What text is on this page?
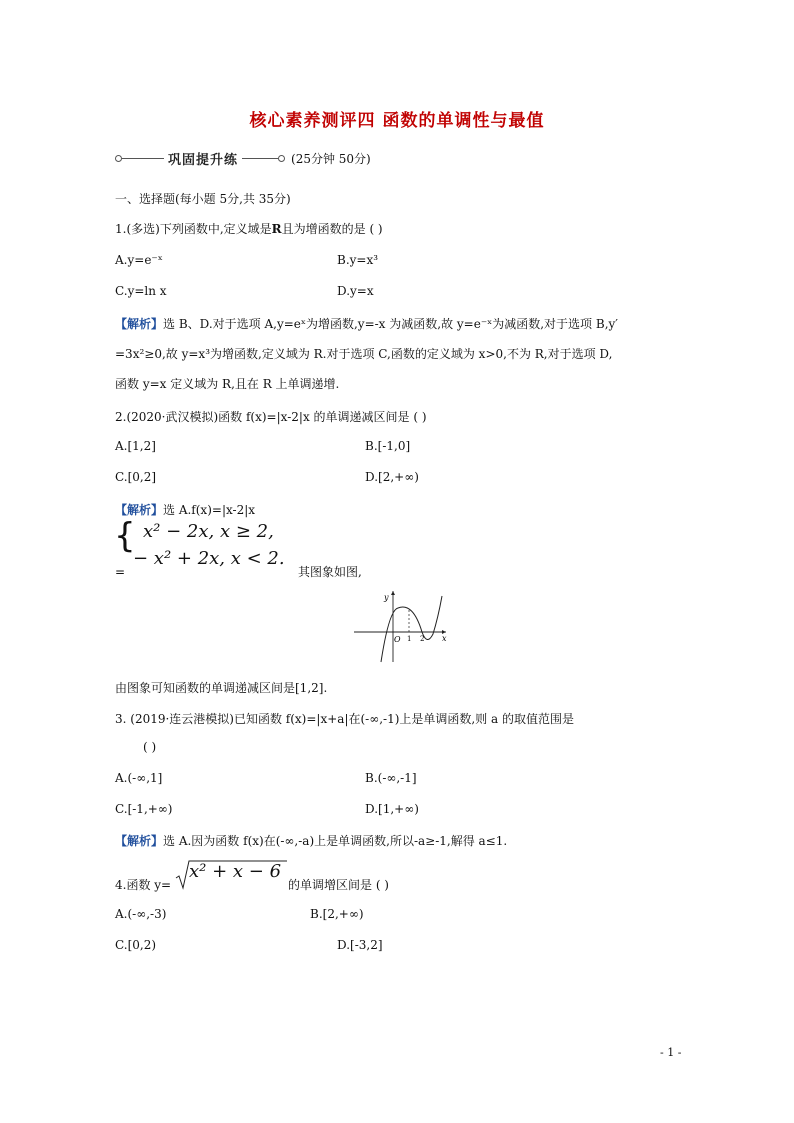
核心素养测评四 函数的单调性与最值
巩固提升练	(25分钟 50分)
一、选择题(每小题 5分,共 35分)
1.(多选)下列函数中,定义域是R且为增函数的是 ( )
A.y=e⁻ˣ	B.y=x³
C.y=ln x	D.y=x
【解析】选 B、D.对于选项 A,y=eˣ为增函数,y=-x 为减函数,故 y=e⁻ˣ为减函数,对于选项 B,y′
=3x²≥0,故 y=x³为增函数,定义域为 R.对于选项 C,函数的定义域为 x>0,不为 R,对于选项 D,
函数 y=x 定义域为 R,且在 R 上单调递增.
2.(2020·武汉模拟)函数 f(x)=|x-2|x 的单调递减区间是 ( )
A.[1,2]	B.[-1,0]
C.[0,2]	D.[2,+∞)
【解析】选 A.f(x)=|x-2|x
{ x² − 2x, x ≥ 2,
− x² + 2x, x < 2.
=	其图象如图,
y
x
O 1 2
由图象可知函数的单调递减区间是[1,2].
3. (2019·连云港模拟)已知函数 f(x)=|x+a|在(-∞,-1)上是单调函数,则 a 的取值范围是
( )
A.(-∞,1]	B.(-∞,-1]
C.[-1,+∞)	D.[1,+∞)
【解析】选 A.因为函数 f(x)在(-∞,-a)上是单调函数,所以-a≥-1,解得 a≤1.
4.函数 y=
x² + x − 6
的单调增区间是 ( )
A.(-∞,-3)	B.[2,+∞)
C.[0,2)	D.[-3,2]
- 1 -
